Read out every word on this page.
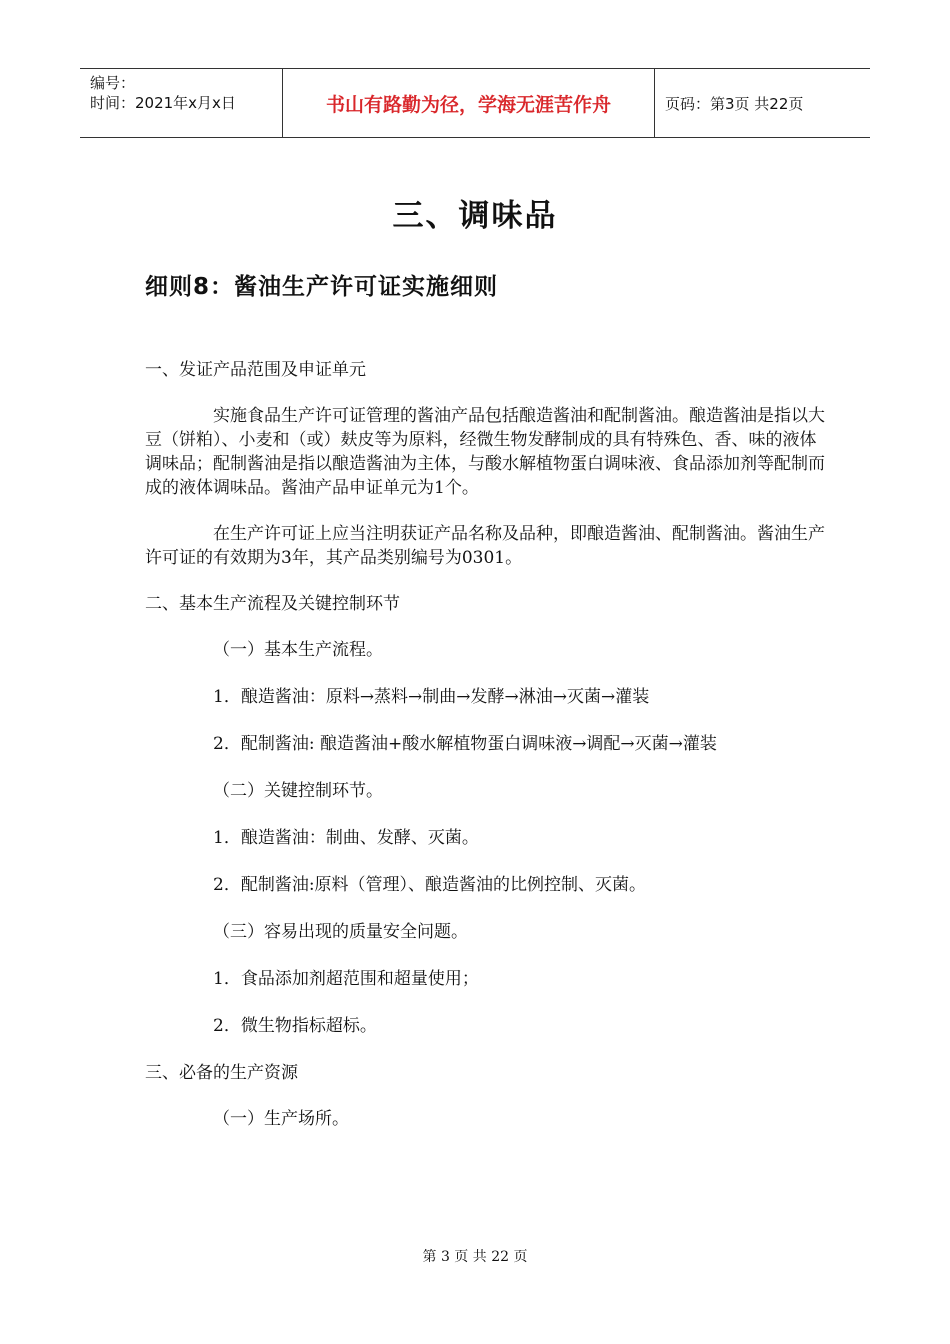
编号：
时间：2021年x月x日	书山有路勤为径，学海无涯苦作舟	页码：第3页 共22页
三、调味品
细则8：酱油生产许可证实施细则

一、发证产品范围及申证单元

实施食品生产许可证管理的酱油产品包括酿造酱油和配制酱油。酿造酱油是指以大豆（饼粕）、小麦和（或）麸皮等为原料，经微生物发酵制成的具有特殊色、香、味的液体调味品；配制酱油是指以酿造酱油为主体，与酸水解植物蛋白调味液、食品添加剂等配制而成的液体调味品。酱油产品申证单元为1个。

在生产许可证上应当注明获证产品名称及品种，即酿造酱油、配制酱油。酱油生产许可证的有效期为3年，其产品类别编号为0301。

二、基本生产流程及关键控制环节

（一）基本生产流程。

1．酿造酱油：原料→蒸料→制曲→发酵→淋油→灭菌→灌装

2．配制酱油: 酿造酱油+酸水解植物蛋白调味液→调配→灭菌→灌装

（二）关键控制环节。

1．酿造酱油：制曲、发酵、灭菌。

2．配制酱油:原料（管理）、酿造酱油的比例控制、灭菌。

（三）容易出现的质量安全问题。

1．食品添加剂超范围和超量使用；

2．微生物指标超标。

三、必备的生产资源

（一）生产场所。

第 3 页 共 22 页
